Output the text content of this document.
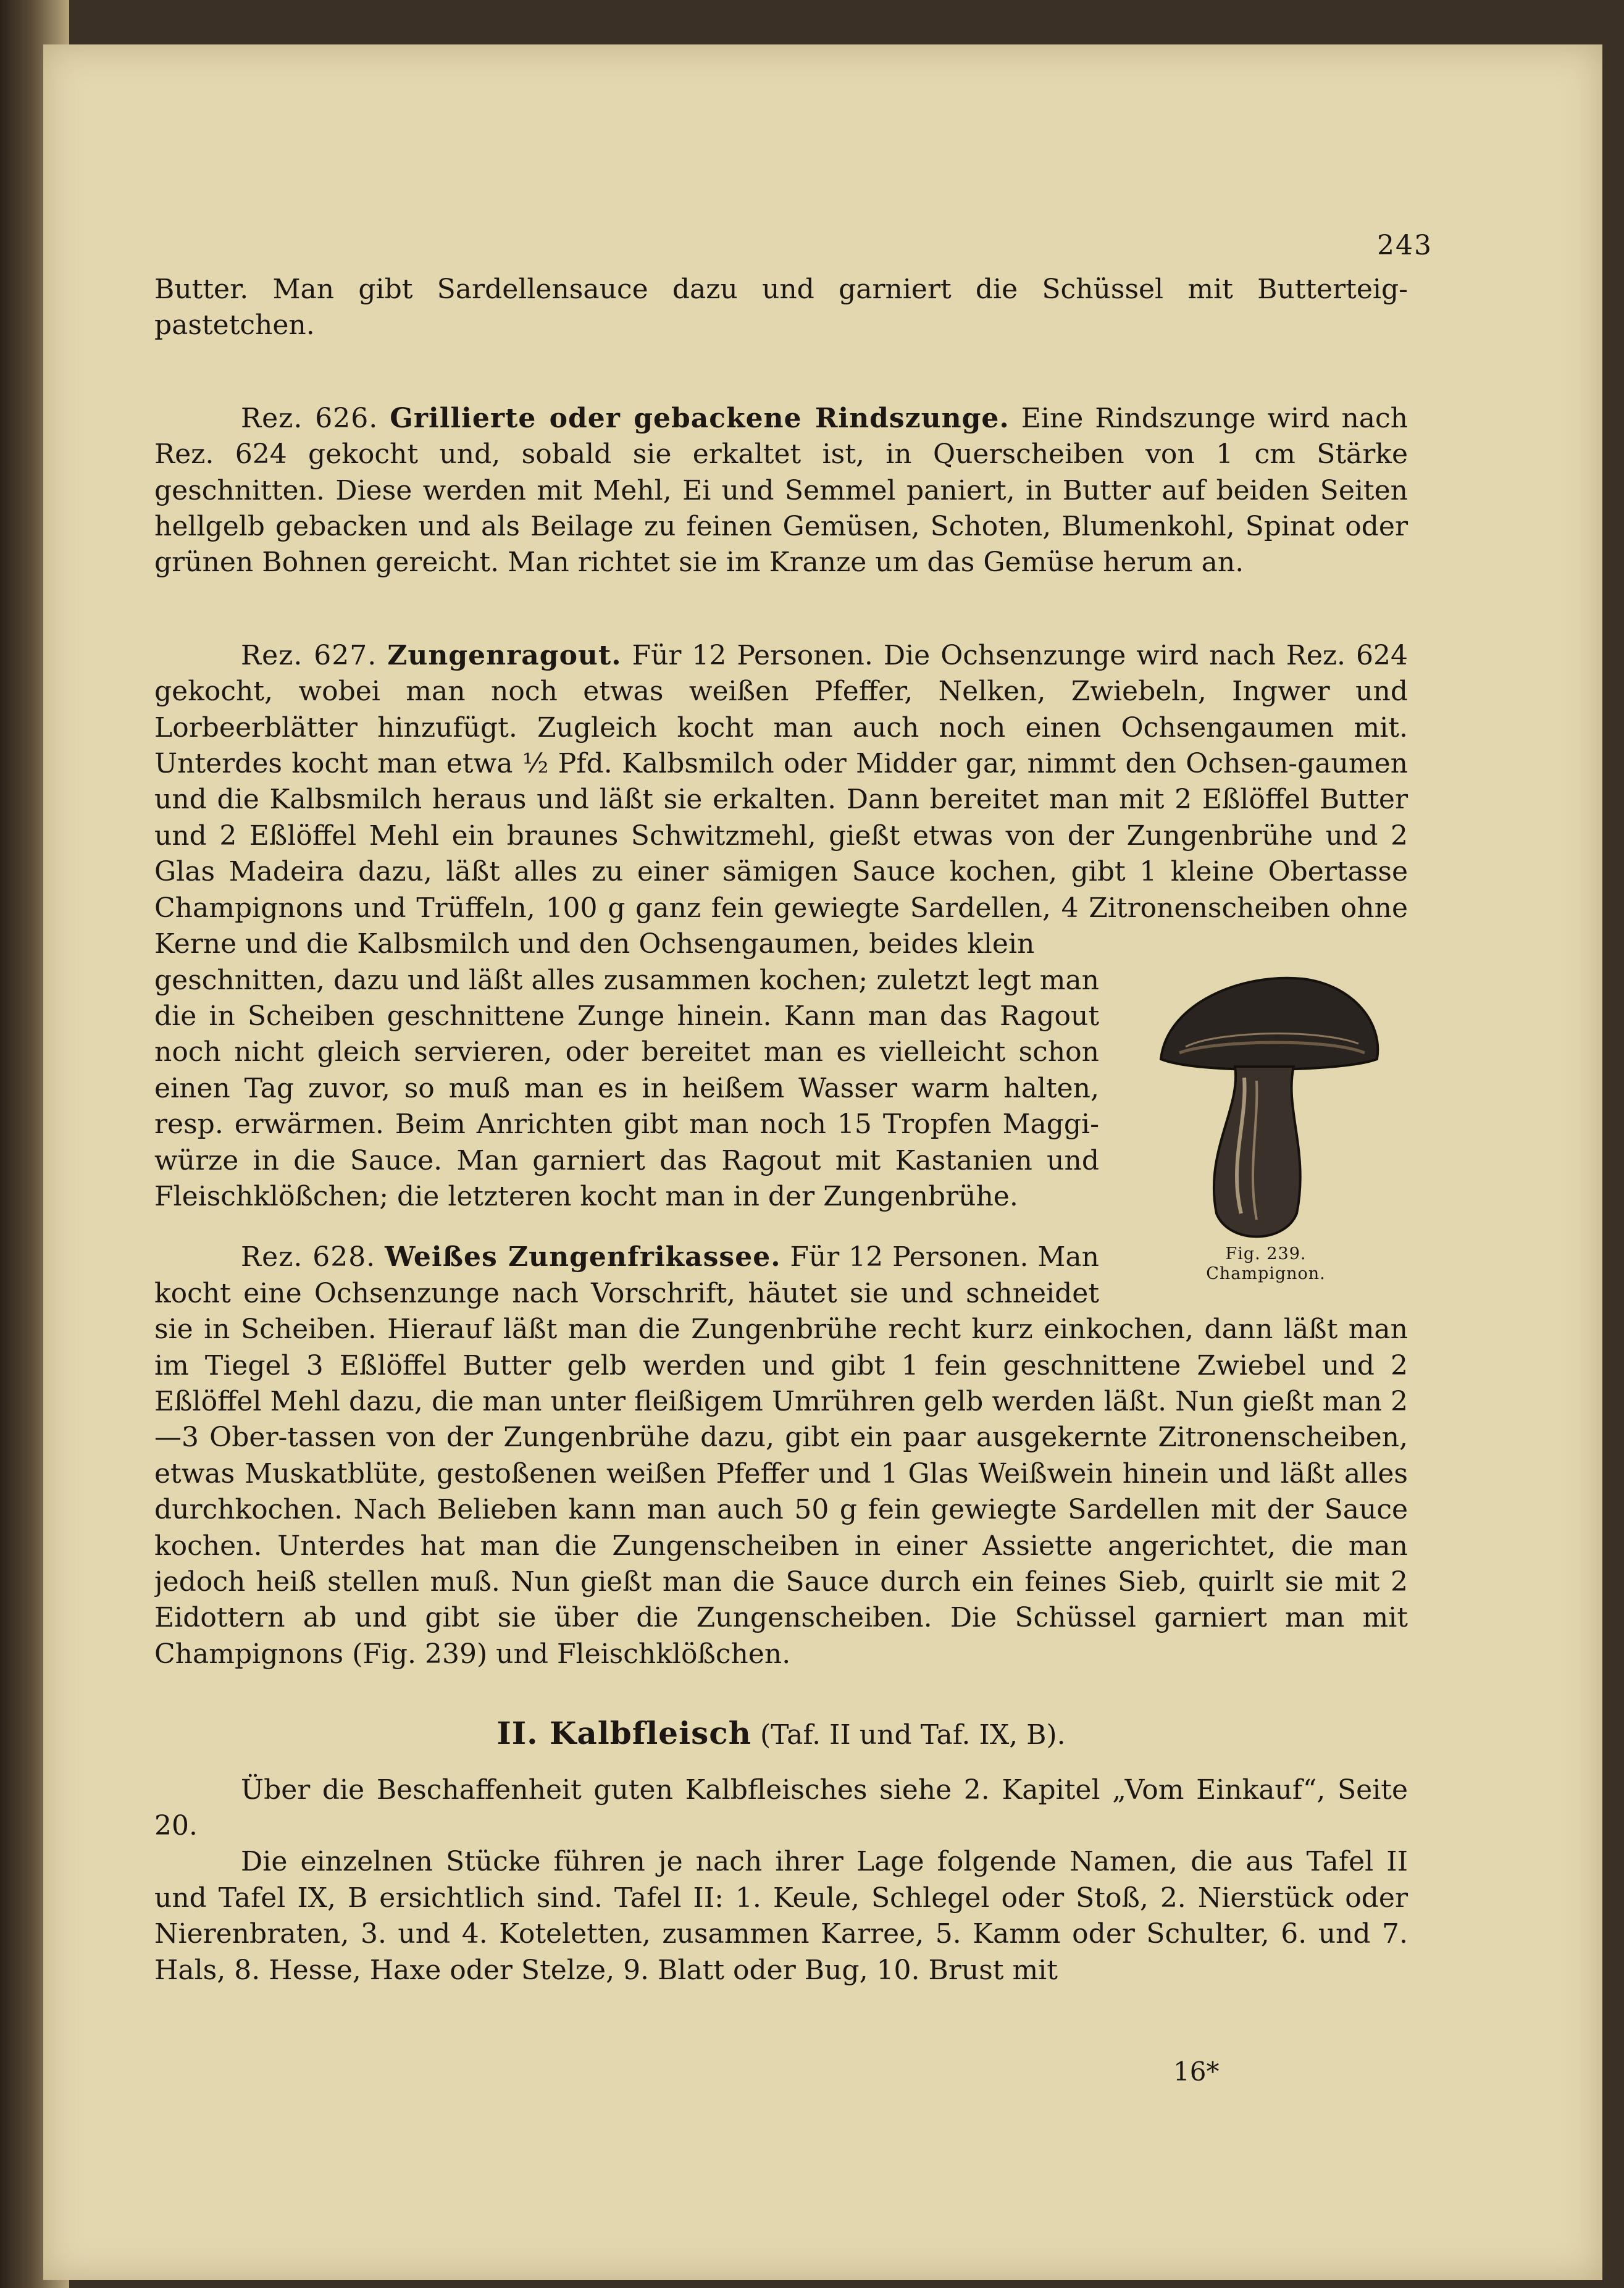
243

Butter. Man gibt Sardellensauce dazu und garniert die Schüssel mit Butterteig-pastetchen.

Rez. 626. Grillierte oder gebackene Rindszunge. Eine Rindszunge wird nach Rez. 624 gekocht und, sobald sie erkaltet ist, in Querscheiben von 1 cm Stärke geschnitten. Diese werden mit Mehl, Ei und Semmel paniert, in Butter auf beiden Seiten hellgelb gebacken und als Beilage zu feinen Gemüsen, Schoten, Blumenkohl, Spinat oder grünen Bohnen gereicht. Man richtet sie im Kranze um das Gemüse herum an.

Rez. 627. Zungenragout. Für 12 Personen. Die Ochsenzunge wird nach Rez. 624 gekocht, wobei man noch etwas weißen Pfeffer, Nelken, Zwiebeln, Ingwer und Lorbeerblätter hinzufügt. Zugleich kocht man auch noch einen Ochsengaumen mit. Unterdes kocht man etwa ½ Pfd. Kalbsmilch oder Midder gar, nimmt den Ochsen-gaumen und die Kalbsmilch heraus und läßt sie erkalten. Dann bereitet man mit 2 Eßlöffel Butter und 2 Eßlöffel Mehl ein braunes Schwitzmehl, gießt etwas von der Zungenbrühe und 2 Glas Madeira dazu, läßt alles zu einer sämigen Sauce kochen, gibt 1 kleine Obertasse Champignons und Trüffeln, 100 g ganz fein gewiegte Sardellen, 4 Zitronenscheiben ohne Kerne und die Kalbsmilch und den Ochsengaumen, beides klein

Fig. 239.
Champignon.

geschnitten, dazu und läßt alles zusammen kochen; zuletzt legt man die in Scheiben geschnittene Zunge hinein. Kann man das Ragout noch nicht gleich servieren, oder bereitet man es vielleicht schon einen Tag zuvor, so muß man es in heißem Wasser warm halten, resp. erwärmen. Beim Anrichten gibt man noch 15 Tropfen Maggi-würze in die Sauce. Man garniert das Ragout mit Kastanien und Fleischklößchen; die letzteren kocht man in der Zungenbrühe.

Rez. 628. Weißes Zungenfrikassee. Für 12 Personen. Man kocht eine Ochsenzunge nach Vorschrift, häutet sie und schneidet sie in Scheiben. Hierauf läßt man die Zungenbrühe recht kurz einkochen, dann läßt man im Tiegel 3 Eßlöffel Butter gelb werden und gibt 1 fein geschnittene Zwiebel und 2 Eßlöffel Mehl dazu, die man unter fleißigem Umrühren gelb werden läßt. Nun gießt man 2—3 Ober-tassen von der Zungenbrühe dazu, gibt ein paar ausgekernte Zitronenscheiben, etwas Muskatblüte, gestoßenen weißen Pfeffer und 1 Glas Weißwein hinein und läßt alles durchkochen. Nach Belieben kann man auch 50 g fein gewiegte Sardellen mit der Sauce kochen. Unterdes hat man die Zungenscheiben in einer Assiette angerichtet, die man jedoch heiß stellen muß. Nun gießt man die Sauce durch ein feines Sieb, quirlt sie mit 2 Eidottern ab und gibt sie über die Zungenscheiben. Die Schüssel garniert man mit Champignons (Fig. 239) und Fleischklößchen.

II. Kalbfleisch (Taf. II und Taf. IX, B).

Über die Beschaffenheit guten Kalbfleisches siehe 2. Kapitel „Vom Einkauf“, Seite 20.

Die einzelnen Stücke führen je nach ihrer Lage folgende Namen, die aus Tafel II und Tafel IX, B ersichtlich sind. Tafel II: 1. Keule, Schlegel oder Stoß, 2. Nierstück oder Nierenbraten, 3. und 4. Koteletten, zusammen Karree, 5. Kamm oder Schulter, 6. und 7. Hals, 8. Hesse, Haxe oder Stelze, 9. Blatt oder Bug, 10. Brust mit

16*
